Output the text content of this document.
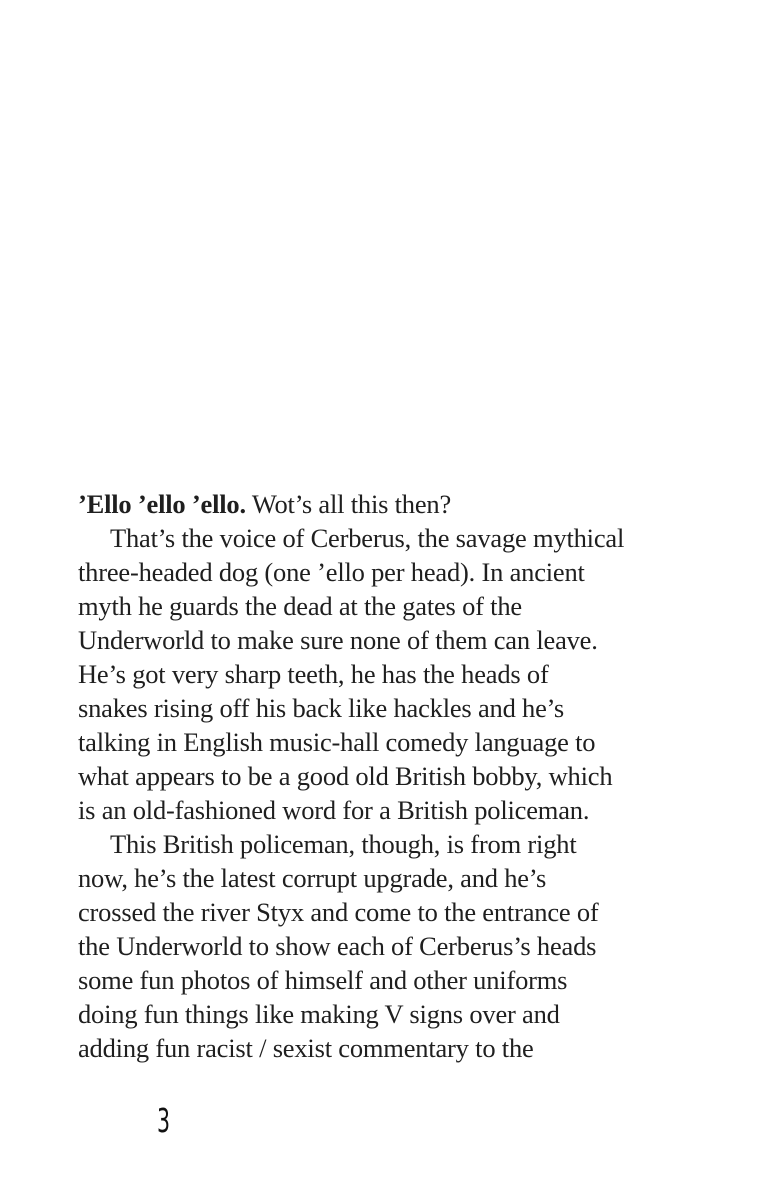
’Ello ’ello ’ello. Wot’s all this then?
That’s the voice of Cerberus, the savage mythical
three-headed dog (one ’ello per head). In ancient
myth he guards the dead at the gates of the
Underworld to make sure none of them can leave.
He’s got very sharp teeth, he has the heads of
snakes rising off his back like hackles and he’s
talking in English music-hall comedy language to
what appears to be a good old British bobby, which
is an old-fashioned word for a British policeman.
This British policeman, though, is from right
now, he’s the latest corrupt upgrade, and he’s
crossed the river Styx and come to the entrance of
the Underworld to show each of Cerberus’s heads
some fun photos of himself and other uniforms
doing fun things like making V signs over and
adding fun racist / sexist commentary to the
3
